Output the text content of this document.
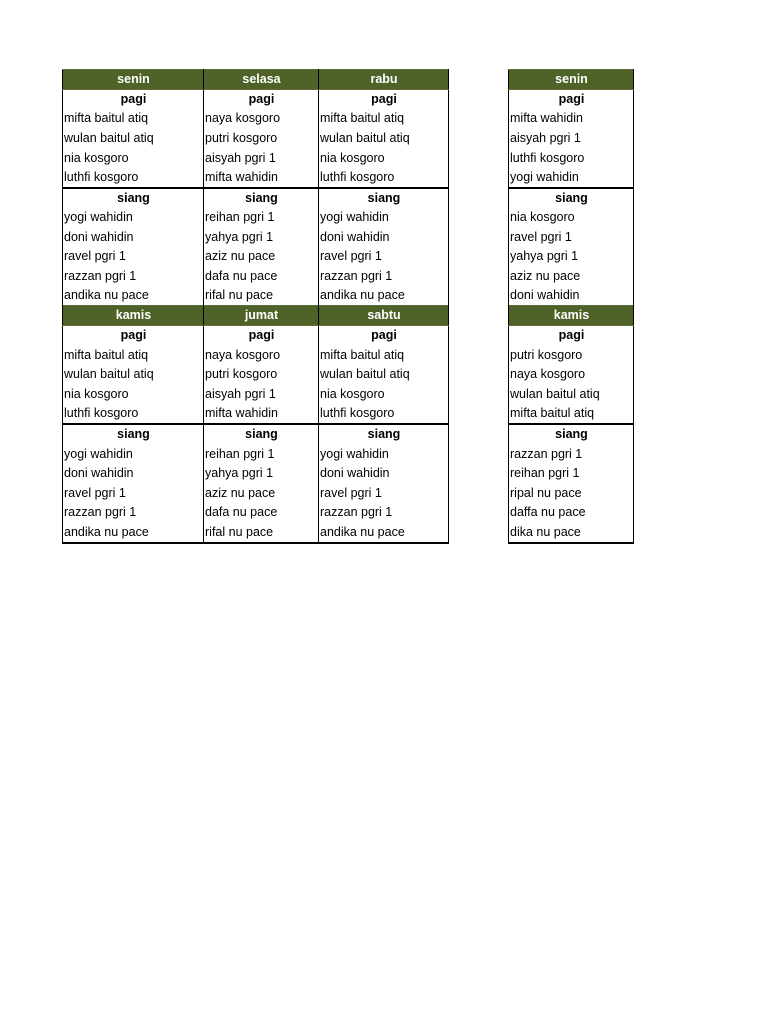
senin	selasa	rabu
pagi	pagi	pagi
mifta baitul atiq	naya kosgoro	mifta baitul atiq
wulan baitul atiq	putri kosgoro	wulan baitul atiq
nia kosgoro	aisyah pgri 1	nia kosgoro
luthfi kosgoro	mifta wahidin	luthfi kosgoro
siang	siang	siang
yogi wahidin	reihan pgri 1	yogi wahidin
doni wahidin	yahya pgri 1	doni wahidin
ravel pgri 1	aziz nu pace	ravel pgri 1
razzan pgri 1	dafa nu pace	razzan pgri 1
andika nu pace	rifal nu pace	andika nu pace
kamis	jumat	sabtu
pagi	pagi	pagi
mifta baitul atiq	naya kosgoro	mifta baitul atiq
wulan baitul atiq	putri kosgoro	wulan baitul atiq
nia kosgoro	aisyah pgri 1	nia kosgoro
luthfi kosgoro	mifta wahidin	luthfi kosgoro
siang	siang	siang
yogi wahidin	reihan pgri 1	yogi wahidin
doni wahidin	yahya pgri 1	doni wahidin
ravel pgri 1	aziz nu pace	ravel pgri 1
razzan pgri 1	dafa nu pace	razzan pgri 1
andika nu pace	rifal nu pace	andika nu pace
senin
pagi
mifta wahidin
aisyah pgri 1
luthfi kosgoro
yogi wahidin
siang
nia kosgoro
ravel pgri 1
yahya pgri 1
aziz nu pace
doni wahidin
kamis
pagi
putri kosgoro
naya kosgoro
wulan baitul atiq
mifta baitul atiq
siang
razzan pgri 1
reihan pgri 1
ripal nu pace
daffa nu pace
dika nu pace
